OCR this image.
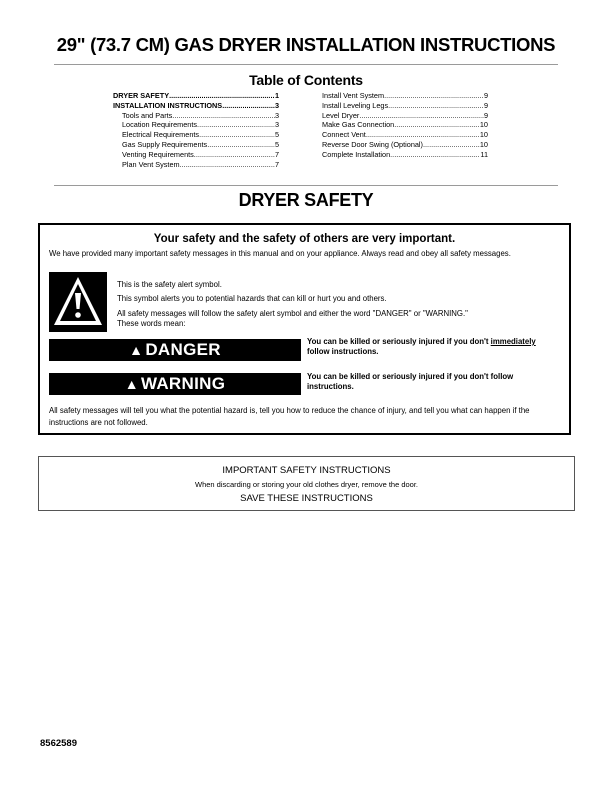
29" (73.7 CM) GAS DRYER INSTALLATION INSTRUCTIONS
Table of Contents
DRYER SAFETY .....	1
INSTALLATION INSTRUCTIONS .....	3
Tools and Parts .....	3
Location Requirements .....	3
Electrical Requirements .....	5
Gas Supply Requirements .....	5
Venting Requirements .....	7
Plan Vent System .....	7
Install Vent System .....	9
Install Leveling Legs .....	9
Level Dryer .....	9
Make Gas Connection .....	10
Connect Vent .....	10
Reverse Door Swing (Optional) .....	10
Complete Installation .....	11
DRYER SAFETY

Your safety and the safety of others are very important.

We have provided many important safety messages in this manual and on your appliance. Always read and obey all safety messages.

This is the safety alert symbol.

This symbol alerts you to potential hazards that can kill or hurt you and others.

All safety messages will follow the safety alert symbol and either the word "DANGER" or "WARNING."

These words mean:

▲ DANGER	You can be killed or seriously injured if you don't immediately
follow instructions.

▲ WARNING	You can be killed or seriously injured if you don't follow instructions.

All safety messages will tell you what the potential hazard is, tell you how to reduce the chance of injury, and tell you what can happen if the instructions are not followed.

IMPORTANT SAFETY INSTRUCTIONS

When discarding or storing your old clothes dryer, remove the door.

SAVE THESE INSTRUCTIONS

8562589
